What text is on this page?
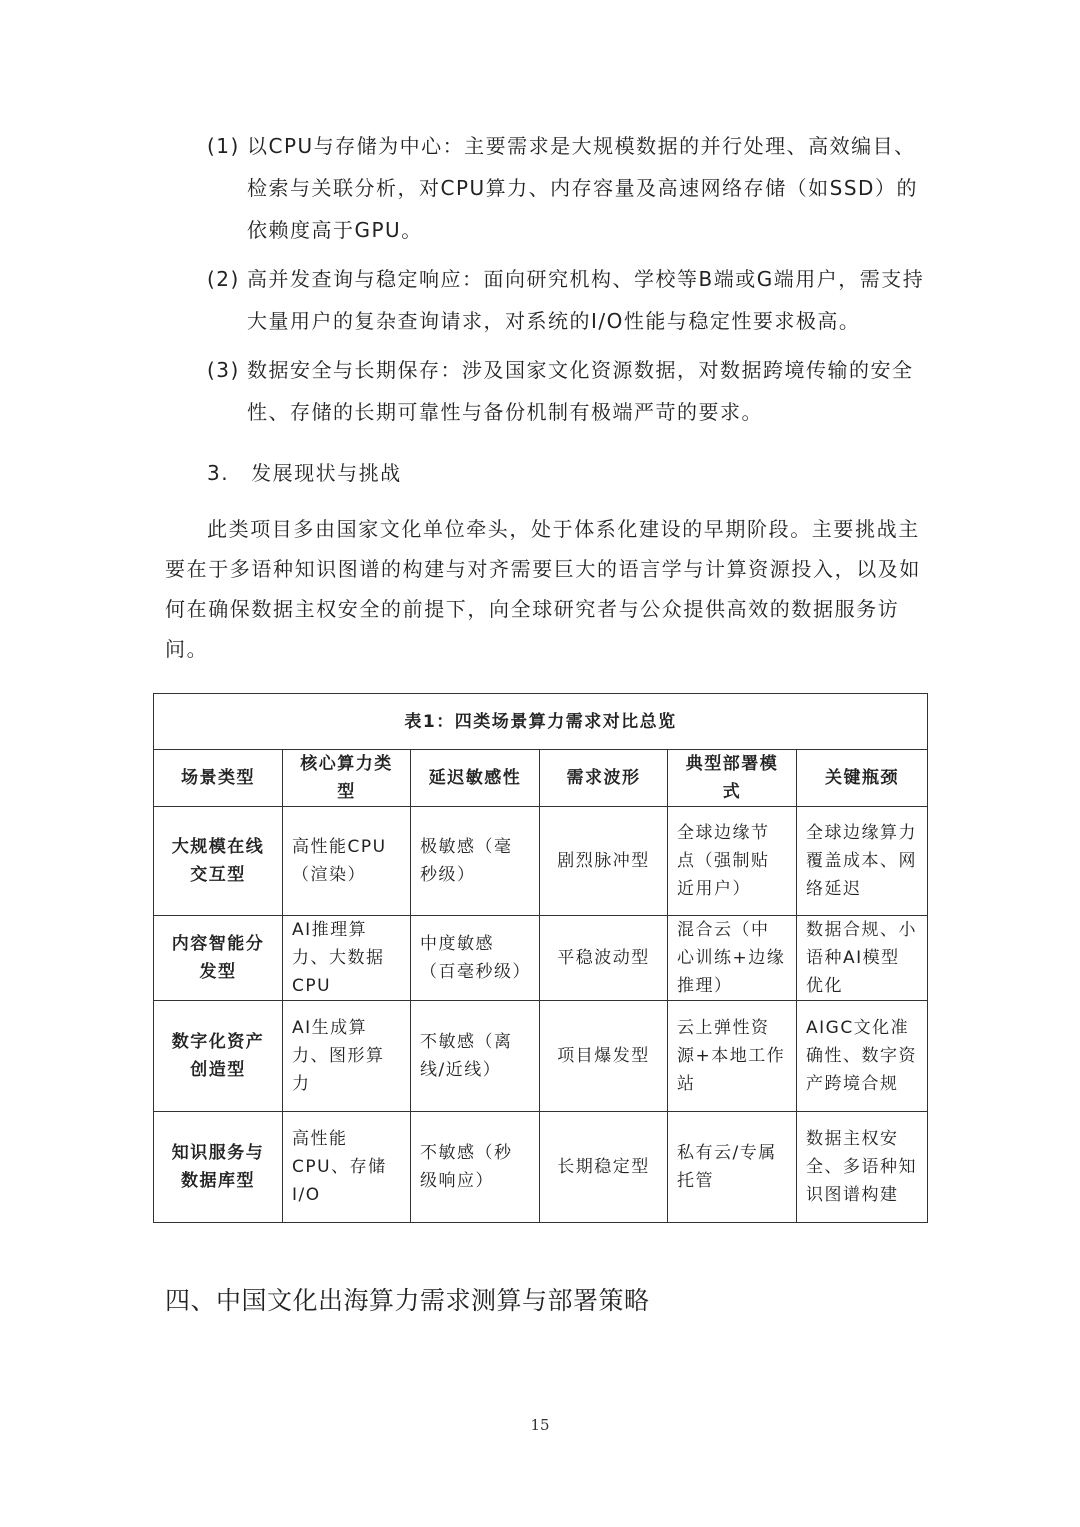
(1) 以CPU与存储为中心：主要需求是大规模数据的并行处理、高效编目、检索与关联分析，对CPU算力、内存容量及高速网络存储（如SSD）的依赖度高于GPU。
(2) 高并发查询与稳定响应：面向研究机构、学校等B端或G端用户，需支持大量用户的复杂查询请求，对系统的I/O性能与稳定性要求极高。
(3) 数据安全与长期保存：涉及国家文化资源数据，对数据跨境传输的安全性、存储的长期可靠性与备份机制有极端严苛的要求。
3. 发展现状与挑战

此类项目多由国家文化单位牵头，处于体系化建设的早期阶段。主要挑战主要在于多语种知识图谱的构建与对齐需要巨大的语言学与计算资源投入，以及如何在确保数据主权安全的前提下，向全球研究者与公众提供高效的数据服务访问。

表1：四类场景算力需求对比总览					
场景类型	核心算力类型	延迟敏感性	需求波形	典型部署模式	关键瓶颈
大规模在线交互型	高性能CPU（渲染）	极敏感（毫秒级）	剧烈脉冲型	全球边缘节点（强制贴近用户）	全球边缘算力覆盖成本、网络延迟
内容智能分发型	AI推理算力、大数据CPU	中度敏感（百毫秒级）	平稳波动型	混合云（中心训练+边缘推理）	数据合规、小语种AI模型优化
数字化资产创造型	AI生成算力、图形算力	不敏感（离线/近线）	项目爆发型	云上弹性资源+本地工作站	AIGC文化准确性、数字资产跨境合规
知识服务与数据库型	高性能CPU、存储I/O	不敏感（秒级响应）	长期稳定型	私有云/专属托管	数据主权安全、多语种知识图谱构建
四、中国文化出海算力需求测算与部署策略
15
